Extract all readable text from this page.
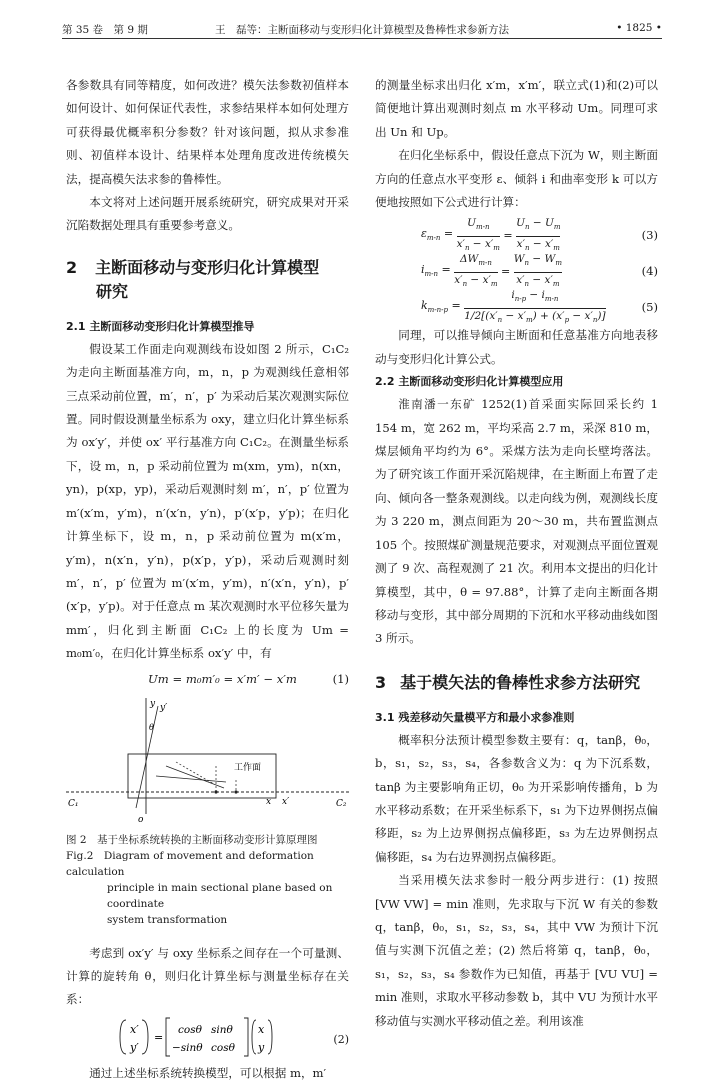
第 35 卷　第 9 期	王　磊等：主断面移动与变形归化计算模型及鲁棒性求参新方法	• 1825 •

各参数具有同等精度，如何改进？模矢法参数初值样本如何设计、如何保证代表性，求参结果样本如何处理方可获得最优概率积分参数？针对该问题，拟从求参准则、初值样本设计、结果样本处理角度改进传统模矢法，提高模矢法求参的鲁棒性。

本文将对上述问题开展系统研究，研究成果对开采沉陷数据处理具有重要参考意义。

2 主断面移动与变形归化计算模型
研究
2.1 主断面移动变形归化计算模型推导

假设某工作面走向观测线布设如图 2 所示，C₁C₂ 为走向主断面基准方向，m，n，p 为观测线任意相邻三点采动前位置，m′，n′，p′ 为采动后某次观测实际位置。同时假设测量坐标系为 oxy，建立归化计算坐标系为 ox′y′，并使 ox′ 平行基准方向 C₁C₂。在测量坐标系下，设 m，n，p 采动前位置为 m(xm，ym)，n(xn，yn)，p(xp，yp)，采动后观测时刻 m′，n′，p′ 位置为 m′(x′m，y′m)，n′(x′n，y′n)，p′(x′p，y′p)；在归化计算坐标下，设 m，n，p 采动前位置为 m(x′m，y′m)，n(x′n，y′n)，p(x′p，y′p)，采动后观测时刻 m′，n′，p′ 位置为 m′(x′m，y′m)，n′(x′n，y′n)，p′(x′p，y′p)。对于任意点 m 某次观测时水平位移矢量为 mm′，归化到主断面 C₁C₂ 上的长度为 Um = m₀m′₀，在归化计算坐标系 ox′y′ 中，有

Um = m₀m′₀ = x′m′ − x′m	(1)
工作面
C₁	C₂
o
y y′
x x′
θ
图 2　基于坐标系统转换的主断面移动变形计算原理图
Fig.2　Diagram of movement and deformation calculation
principle in main sectional plane based on coordinate
system transformation

考虑到 ox′y′ 与 oxy 坐标系之间存在一个可量测、计算的旋转角 θ，则归化计算坐标与测量坐标存在关系：

x′
y′
=
cosθ sinθ
−sinθ cosθ
x
y
(2)

通过上述坐标系统转换模型，可以根据 m，m′

的测量坐标求出归化 x′m，x′m′，联立式(1)和(2)可以简便地计算出观测时刻点 m 水平移动 Um。同理可求出 Un 和 Up。

在归化坐标系中，假设任意点下沉为 W，则主断面方向的任意点水平变形 ε、倾斜 i 和曲率变形 k 可以方便地按照如下公式进行计算：

$\varepsilon_{m-n} = \frac{U_{m-n}}{x'_n - x'_m} = \frac{U_n - U_m}{x'_n - x'_m}$	(3)
$i_{m-n} = \frac{\Delta W_{m-n}}{x'_n - x'_m} = \frac{W_n - W_m}{x'_n - x'_m}$	(4)
$k_{m-n-p} = \frac{i_{n-p} - i_{m-n}}{1/2[(x'_n - x'_m) + (x'_p - x'_n)]}$	(5)

同理，可以推导倾向主断面和任意基准方向地表移动与变形归化计算公式。

2.2 主断面移动变形归化计算模型应用

淮南潘一东矿 1252(1)首采面实际回采长约 1 154 m，宽 262 m，平均采高 2.7 m，采深 810 m，煤层倾角平均约为 6°。采煤方法为走向长壁垮落法。为了研究该工作面开采沉陷规律，在主断面上布置了走向、倾向各一整条观测线。以走向线为例，观测线长度为 3 220 m，测点间距为 20～30 m，共布置监测点 105 个。按照煤矿测量规范要求，对观测点平面位置观测了 9 次、高程观测了 21 次。利用本文提出的归化计算模型，其中，θ = 97.88°，计算了走向主断面各期移动与变形，其中部分周期的下沉和水平移动曲线如图 3 所示。

3 基于模矢法的鲁棒性求参方法研究
3.1 残差移动矢量模平方和最小求参准则

概率积分法预计模型参数主要有：q，tanβ，θ₀，b，s₁，s₂，s₃，s₄，各参数含义为：q 为下沉系数，tanβ 为主要影响角正切，θ₀ 为开采影响传播角，b 为水平移动系数；在开采坐标系下，s₁ 为下边界侧拐点偏移距，s₂ 为上边界侧拐点偏移距，s₃ 为左边界侧拐点偏移距，s₄ 为右边界测拐点偏移距。

当采用模矢法求参时一般分两步进行：(1) 按照[VW VW] = min 准则，先求取与下沉 W 有关的参数 q，tanβ，θ₀，s₁，s₂，s₃，s₄，其中 VW 为预计下沉值与实测下沉值之差；(2) 然后将第 q，tanβ，θ₀，s₁，s₂，s₃，s₄ 参数作为已知值，再基于 [VU VU] = min 准则，求取水平移动参数 b，其中 VU 为预计水平移动值与实测水平移动值之差。利用该准
